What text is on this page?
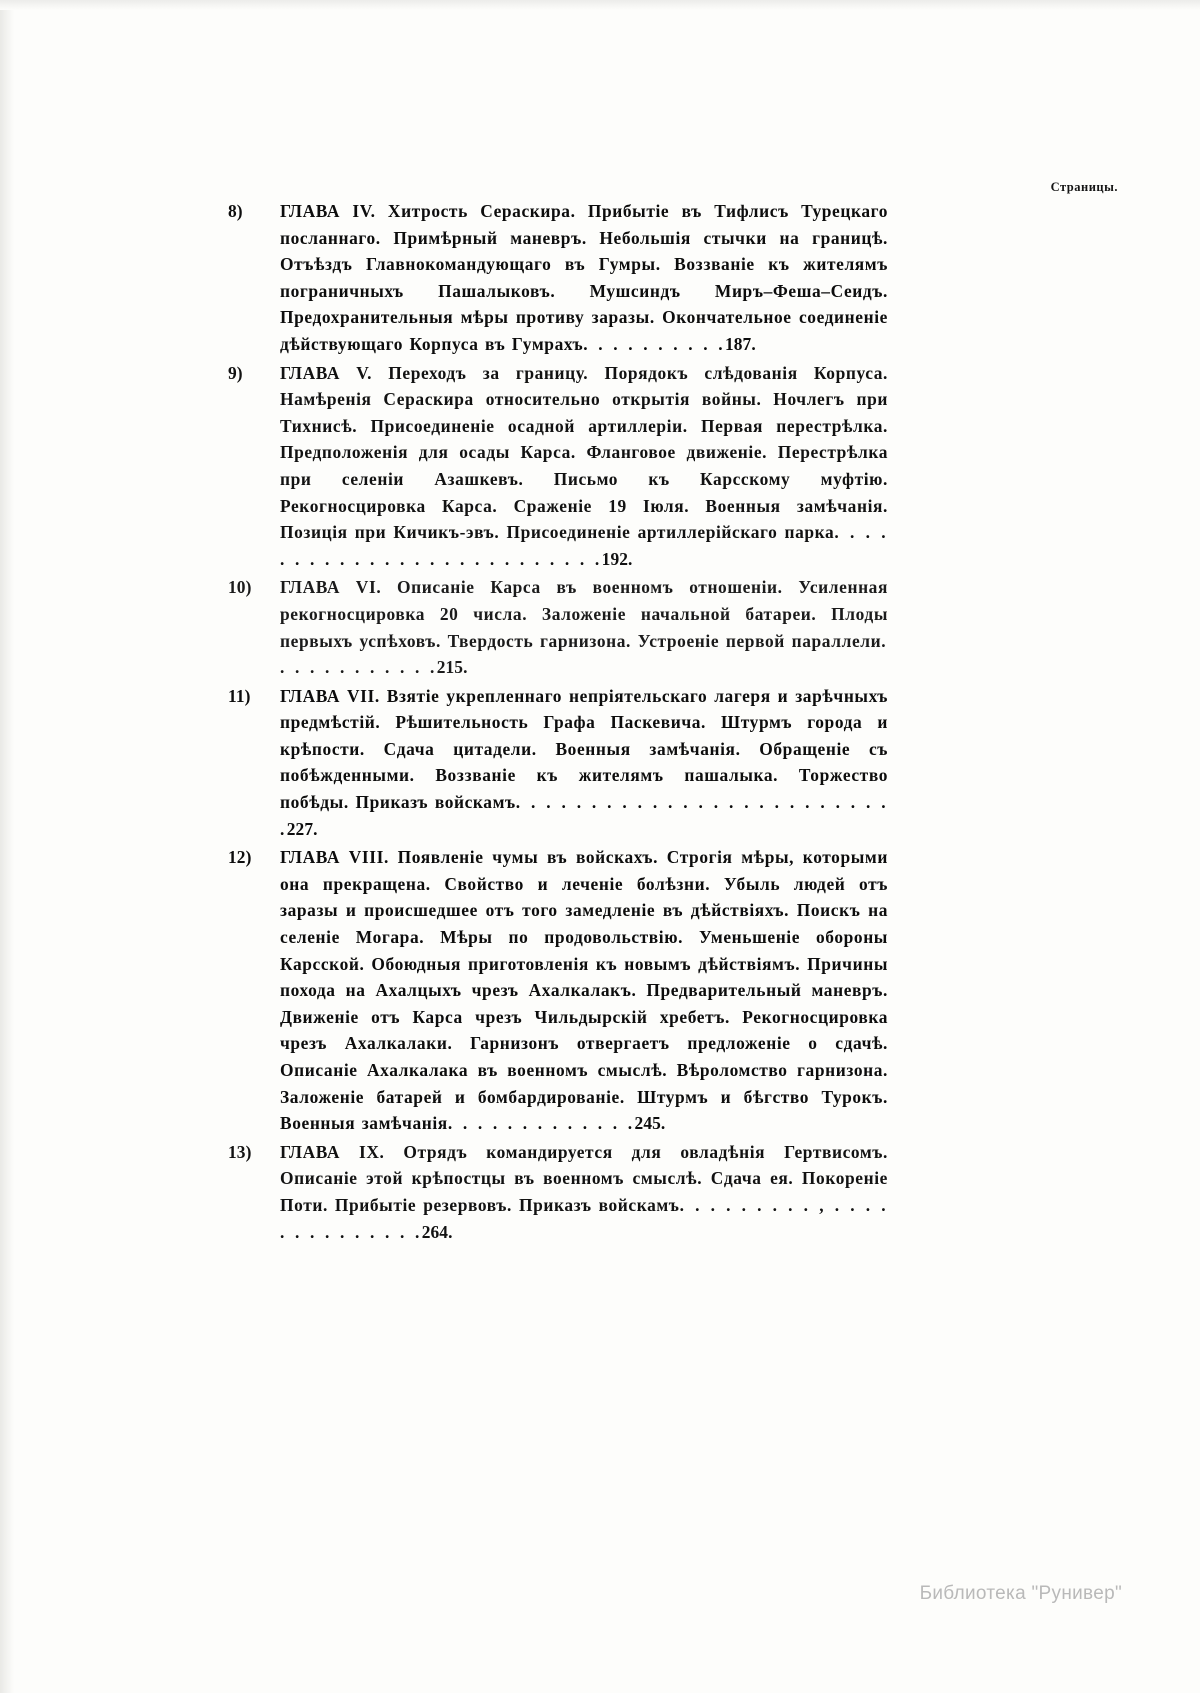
Страницы.
8)	ГЛАВА IV. Хитрость Сераскира. Прибытіе въ Тифлисъ Турецкаго посланнаго. Примѣрный маневръ. Небольшія стычки на границѣ. Отъѣздъ Главнокомандующаго въ Гумры. Воззваніе къ жителямъ пограничныхъ Пашалыковъ. Мушсиндъ Миръ–Феша–Сеидъ. Предохранительныя мѣры противу заразы. Окончательное соединеніе дѣйствующаго Корпуса въ Гумрахъ. . . . . . . . . .187.
9)	ГЛАВА V. Переходъ за границу. Порядокъ слѣдованія Корпуса. Намѣренія Сераскира относительно открытія войны. Ночлегъ при Тихнисѣ. Присоединеніе осадной артиллеріи. Первая перестрѣлка. Предположенія для осады Карса. Фланговое движеніе. Перестрѣлка при селеніи Азашкевъ. Письмо къ Карсскому муфтію. Рекогносцировка Карса. Сраженіе 19 Іюля. Военныя замѣчанія. Позиція при Кичикъ-эвъ. Присоединеніе артиллерійскаго парка. . . . . . . . . . . . . . . . . . . . . . . . . .192.
10)	ГЛАВА VI. Описаніе Карса въ военномъ отношеніи. Усиленная рекогносцировка 20 числа. Заложеніе начальной батареи. Плоды первыхъ успѣховъ. Твердость гарнизона. Устроеніе первой параллели. . . . . . . . . . . .215.
11)	ГЛАВА VII. Взятіе укрепленнаго непріятельскаго лагеря и зарѣчныхъ предмѣстій. Рѣшительность Графа Паскевича. Штурмъ города и крѣпости. Сдача цитадели. Военныя замѣчанія. Обращеніе съ побѣжденными. Воззваніе къ жителямъ пашалыка. Торжество побѣды. Приказъ войскамъ. . . . . . . . . . . . . . . . . . . . . . . . . .227.
12)	ГЛАВА VIII. Появленіе чумы въ войскахъ. Строгія мѣры, которыми она прекращена. Свойство и леченіе болѣзни. Убыль людей отъ заразы и происшедшее отъ того замедленіе въ дѣйствіяхъ. Поискъ на селеніе Могара. Мѣры по продовольствію. Уменьшеніе обороны Карсской. Обоюдныя приготовленія къ новымъ дѣйствіямъ. Причины похода на Ахалцыхъ чрезъ Ахалкалакъ. Предварительный маневръ. Движеніе отъ Карса чрезъ Чильдырскій хребетъ. Рекогносцировка чрезъ Ахалкалаки. Гарнизонъ отвергаетъ предложеніе о сдачѣ. Описаніе Ахалкалака въ военномъ смыслѣ. Вѣроломство гарнизона. Заложеніе батарей и бомбардированіе. Штурмъ и бѣгство Турокъ. Военныя замѣчанія. . . . . . . . . . . . .245.
13)	ГЛАВА IX. Отрядъ командируется для овладѣнія Гертвисомъ. Описаніе этой крѣпостцы въ военномъ смыслѣ. Сдача ея. Покореніе Поти. Прибытіе резервовъ. Приказъ войскамъ. . . . . . . . . , . . . . . . . . . . . . . .264.
Библиотека "Рунивер"
